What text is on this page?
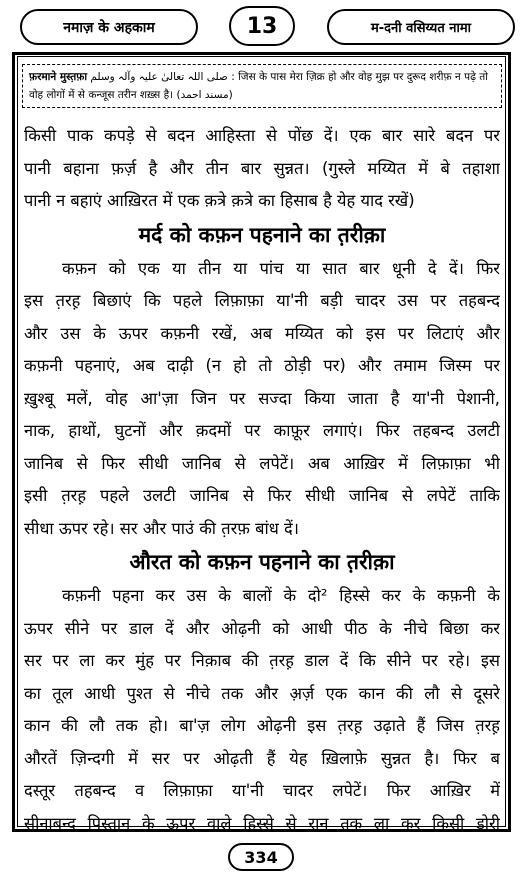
नमाज़ के अहकाम	13	म-दनी वसिय्यत नामा
फ़रमाने मुस्त़फ़ा صلی اللہ تعالیٰ علیہ وآلہ وسلم : जिस के पास मेरा ज़िक्र हो और वोह मुझ पर दुरूद शरीफ़ न पढ़े तो वोह लोगों में से कन्जूस तरीन शख़्स है। (مسند احمد)
किसी पाक कपड़े से बदन आहिस्ता से पोंछ दें। एक बार सारे बदन पर
पानी बहाना फ़र्ज़ है और तीन बार सुन्नत। (गुस्ले मय्यित में बे तहाशा
पानी न बहाएं आख़िरत में एक क़त्रे क़त्रे का हिसाब है येह याद रखें)
मर्द को कफ़न पहनाने का त़रीक़ा
कफ़न को एक या तीन या पांच या सात बार धूनी दे दें। फिर
इस त़रह़ बिछाएं कि पहले लिफ़ाफ़ा या'नी बड़ी चादर उस पर तहबन्द
और उस के ऊपर कफ़नी रखें, अब मय्यित को इस पर लिटाएं और
कफ़नी पहनाएं, अब दाढ़ी (न हो तो ठोड़ी पर) और तमाम जिस्म पर
ख़ुश्बू मलें, वोह आ'ज़ा जिन पर सज्दा किया जाता है या'नी पेशानी,
नाक, हाथों, घुटनों और क़दमों पर काफ़ूर लगाएं। फिर तहबन्द उलटी
जानिब से फिर सीधी जानिब से लपेटें। अब आख़िर में लिफ़ाफ़ा भी
इसी त़रह़ पहले उलटी जानिब से फिर सीधी जानिब से लपेटें ताकि
सीधा ऊपर रहे। सर और पाउं की त़रफ़ बांध दें।
औरत को कफ़न पहनाने का त़रीक़ा
कफ़नी पहना कर उस के बालों के दो² हिस्से कर के कफ़नी के
ऊपर सीने पर डाल दें और ओढ़नी को आधी पीठ के नीचे बिछा कर
सर पर ला कर मुंह पर निक़ाब की त़रह़ डाल दें कि सीने पर रहे। इस
का तूल आधी पुश्त से नीचे तक और अ़र्ज़ एक कान की लौ से दूसरे
कान की लौ तक हो। बा'ज़ लोग ओढ़नी इस त़रह़ उढ़ाते हैं जिस त़रह़
औरतें ज़िन्दगी में सर पर ओढ़ती हैं येह ख़िलाफ़े सुन्नत है। फिर ब
दस्तूर तहबन्द व लिफ़ाफ़ा या'नी चादर लपेटें। फिर आख़िर में
सीनाबन्द पिस्तान के ऊपर वाले हिस्से से रान तक ला कर किसी डोरी
334
